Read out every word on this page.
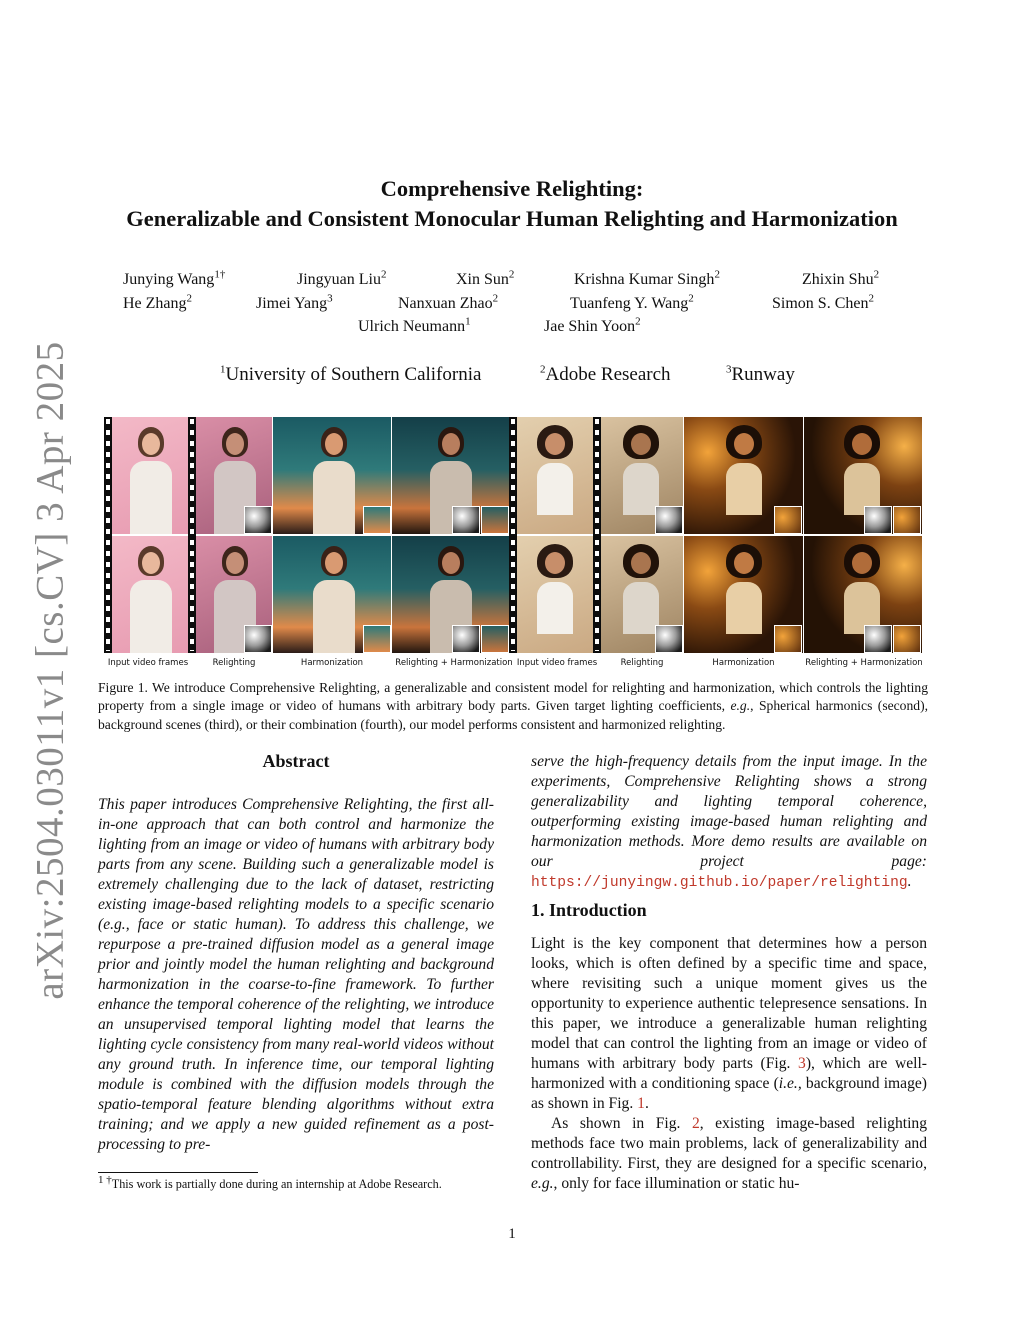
arXiv:2504.03011v1 [cs.CV] 3 Apr 2025
Comprehensive Relighting:
Generalizable and Consistent Monocular Human Relighting and Harmonization
Junying Wang$^{1\dagger}$	Jingyuan Liu$^2$	Xin Sun$^2$	Krishna Kumar Singh$^2$	Zhixin Shu$^2$
He Zhang$^2$	Jimei Yang$^3$	Nanxuan Zhao$^2$	Tuanfeng Y. Wang$^2$	Simon S. Chen$^2$
Ulrich Neumann$^1$	Jae Shin Yoon$^2$
$^1$University of Southern California	$^2$Adobe Research	$^3$Runway
Input video frames	Relighting	Harmonization	Relighting + Harmonization Input video frames	Relighting	Harmonization	Relighting + Harmonization
Figure 1. We introduce Comprehensive Relighting, a generalizable and consistent model for relighting and harmonization, which controls the lighting property from a single image or video of humans with arbitrary body parts. Given target lighting coefficients, e.g., Spherical harmonics (second), background scenes (third), or their combination (fourth), our model performs consistent and harmonized relighting.
Abstract
This paper introduces Comprehensive Relighting, the first all-in-one approach that can both control and harmonize the lighting from an image or video of humans with arbitrary body parts from any scene. Building such a generalizable model is extremely challenging due to the lack of dataset, restricting existing image-based relighting models to a specific scenario (e.g., face or static human). To address this challenge, we repurpose a pre-trained diffusion model as a general image prior and jointly model the human relighting and background harmonization in the coarse-to-fine framework. To further enhance the temporal coherence of the relighting, we introduce an unsupervised temporal lighting model that learns the lighting cycle consistency from many real-world videos without any ground truth. In inference time, our temporal lighting module is combined with the diffusion models through the spatio-temporal feature blending algorithms without extra training; and we apply a new guided refinement as a post-processing to pre-
serve the high-frequency details from the input image. In the experiments, Comprehensive Relighting shows a strong generalizability and lighting temporal coherence, outperforming existing image-based human relighting and harmonization methods. More demo results are available on our project page: https://junyingw.github.io/paper/relighting.
1. Introduction
Light is the key component that determines how a person looks, which is often defined by a specific time and space, where revisiting such a unique moment gives us the opportunity to experience authentic telepresence sensations. In this paper, we introduce a generalizable human relighting model that can control the lighting from an image or video of humans with arbitrary body parts (Fig. 3), which are well-harmonized with a conditioning space (i.e., background image) as shown in Fig. 1.
As shown in Fig. 2, existing image-based relighting methods face two main problems, lack of generalizability and controllability. First, they are designed for a specific scenario, e.g., only for face illumination or static hu-
$^{1 \dagger}$This work is partially done during an internship at Adobe Research.
1
